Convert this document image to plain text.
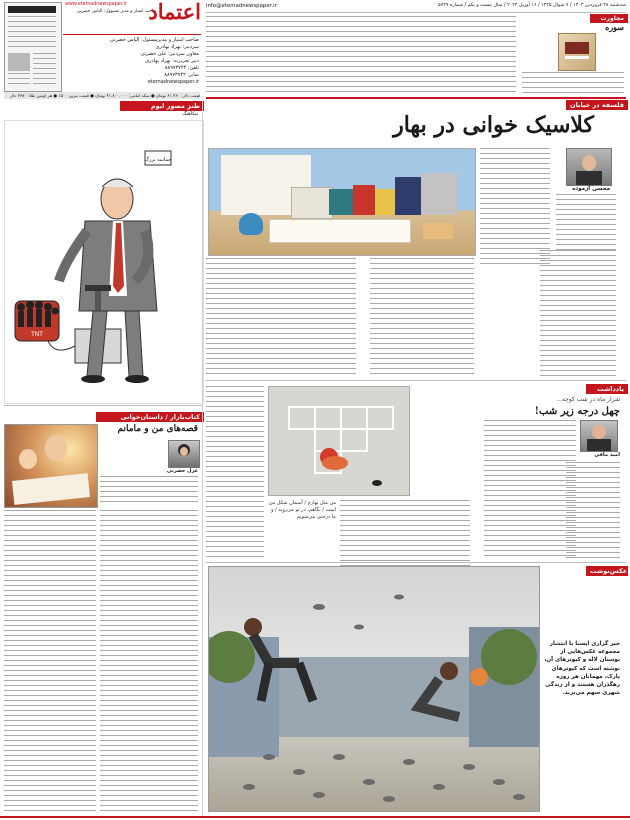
www.etemadnewspaper.ir
صاحب امتیاز و مدیر مسوول: الیاس حضرتی
اعتماد info@etemadnewspaper.ir	سه‌شنبه ۲۸ فروردین ۱۴۰۳ / ۷ شوال ۱۴۴۵ / ۱۶ آوریل ۲۰۲۴ / سال بیست و یکم / شماره ۵۷۲۹
مجاورت
صاحب امتیاز و مدیرمسئول: الیاس حضرتی
سردبیر: بهزاد بهادری
معاون سردبیر: علی حضرتی
دبیر تحریریه: بهزاد بهادری
تلفن: ۸۸۹۷۳۷۴۴
نمابر: ۸۸۹۷۳۷۴۲
etemadnewspaper.ir
قیمت دلار: ۶۱.۴۶۰ تومان ● سکه امامی: ۴۱.۸۰۰.۰۰۰ تومان ● قیمت بنزین ۱۵۰۰ ● هر اونس طلا: ۲۳۸۰ دلار
سوره
فلسفه در خیابان
طنز مصور ایوم
نیکاهنگ
حماسه بزرگ
TNT
کلاسیک خوانی در بهار
محسن آزموده
من مثل بهارم / آسمان شکل من است / نگاهم، در تو می‌روید / و ما درختی می‌شویم
یادداشت
شرار ماه در شب کوچه...
چهل درجه زیر شب!
امید مافی
کتاب‌بازار / داستان‌خوانی
قصه‌های من و مامانم
غزل حضرتی
عکس‌نوشت
خبر گزاری ایسنا با انتشار مجموعه عکس‌هایی از بوستان لاله و کبوترهای آن، نوشته است که کبوترهای پارک، مهمانان هر روزه رهگذران هستند و از زندگی شهری سهم می‌برند.
